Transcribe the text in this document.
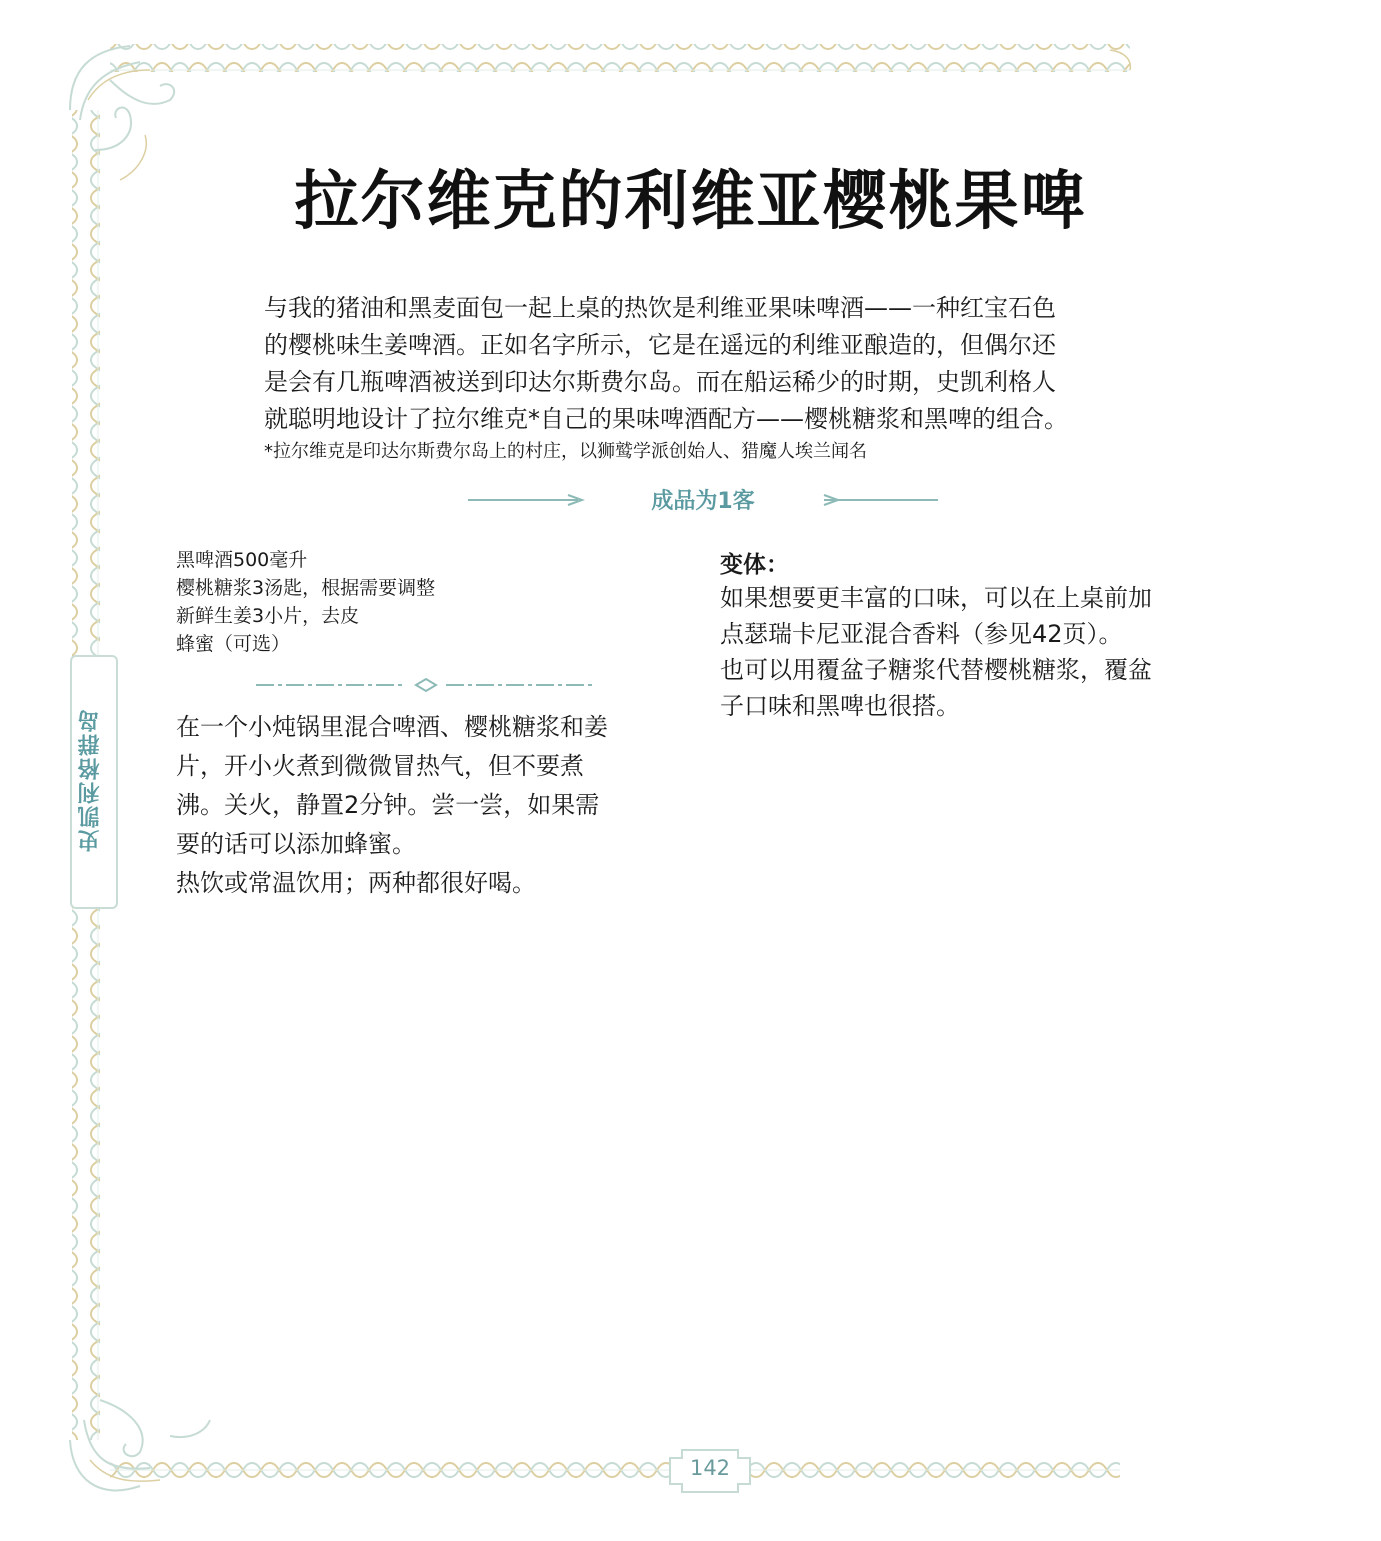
拉尔维克的利维亚樱桃果啤

与我的猪油和黑麦面包一起上桌的热饮是利维亚果味啤酒——一种红宝石色

的樱桃味生姜啤酒。正如名字所示，它是在遥远的利维亚酿造的，但偶尔还

是会有几瓶啤酒被送到印达尔斯费尔岛。而在船运稀少的时期，史凯利格人

就聪明地设计了拉尔维克*自己的果味啤酒配方——樱桃糖浆和黑啤的组合。

*拉尔维克是印达尔斯费尔岛上的村庄，以狮鹫学派创始人、猎魔人埃兰闻名
成品为1客
黑啤酒500毫升
樱桃糖浆3汤匙，根据需要调整
新鲜生姜3小片，去皮
蜂蜜（可选）

在一个小炖锅里混合啤酒、樱桃糖浆和姜

片，开小火煮到微微冒热气，但不要煮

沸。关火，静置2分钟。尝一尝，如果需

要的话可以添加蜂蜜。

热饮或常温饮用；两种都很好喝。

变体：

如果想要更丰富的口味，可以在上桌前加

点瑟瑞卡尼亚混合香料（参见42页）。

也可以用覆盆子糖浆代替樱桃糖浆，覆盆

子口味和黑啤也很搭。

史凯利格群岛
142
